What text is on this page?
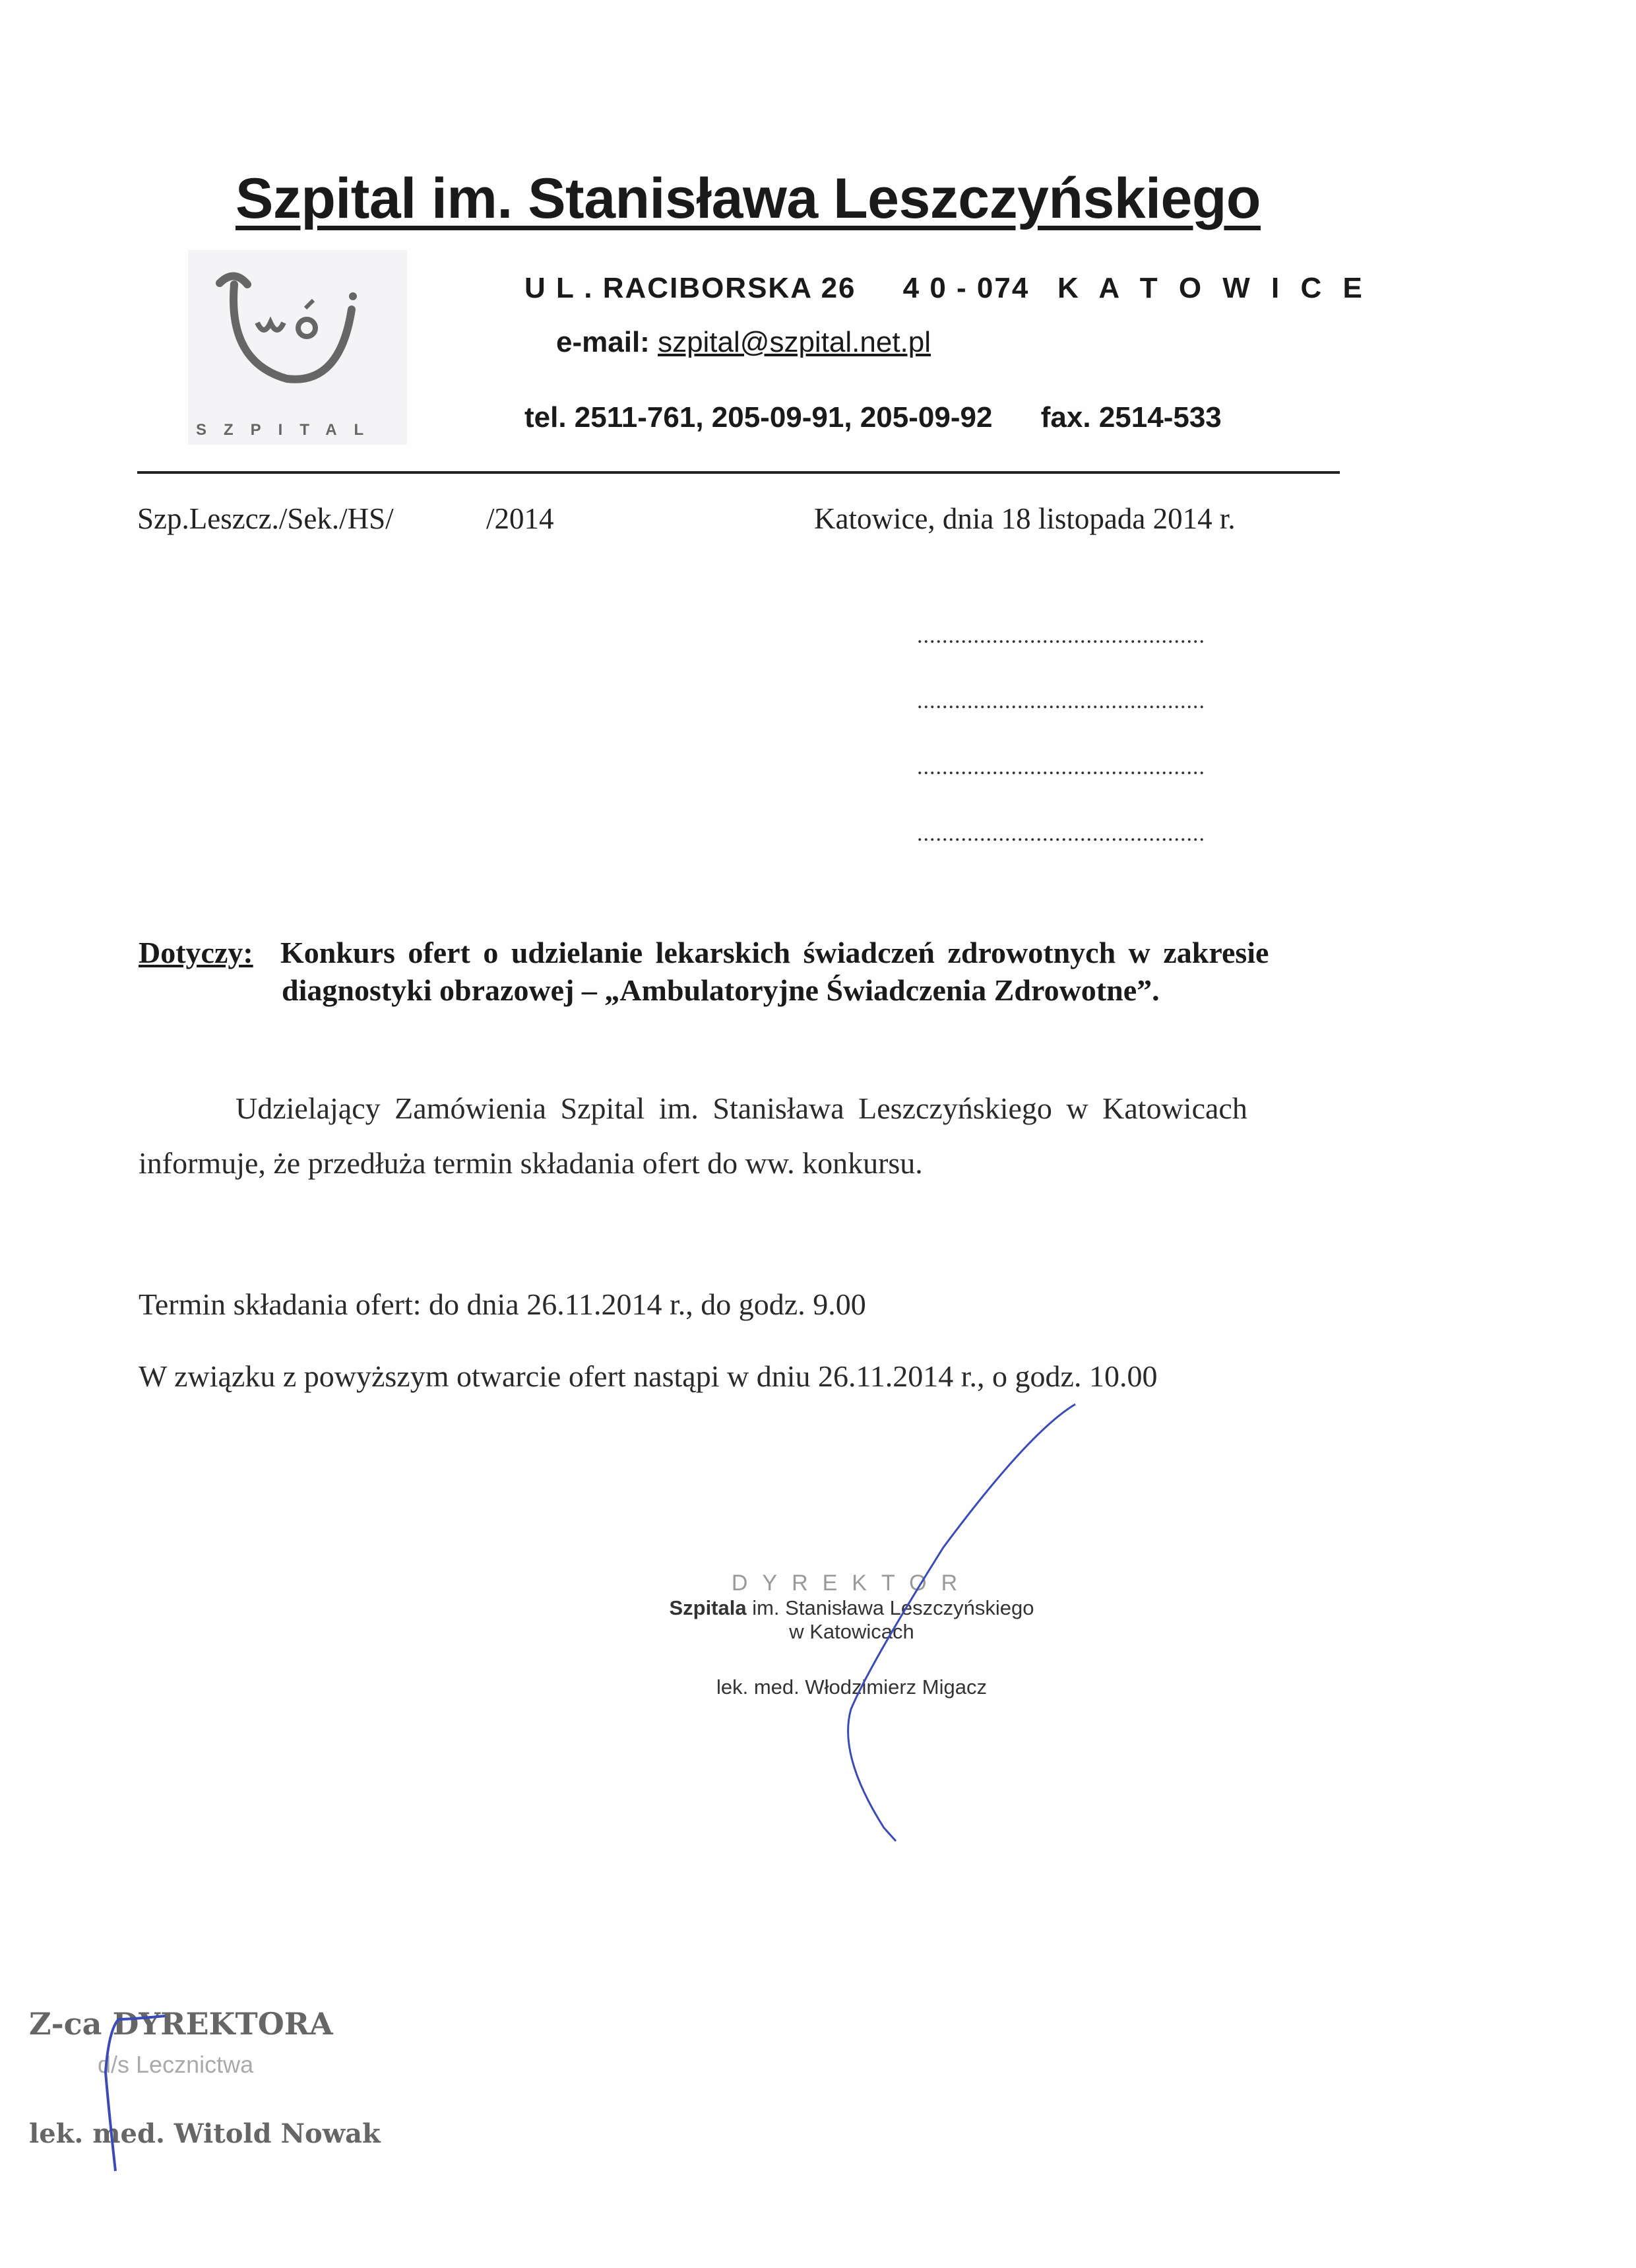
Szpital im. Stanisława Leszczyńskiego
SZPITAL
U L . RACIBORSKA 26 4 0 - 074 K A T O W I C E
e-mail: szpital@szpital.net.pl
tel. 2511-761, 205-09-91, 205-09-92 fax. 2514-533
Szp.Leszcz./Sek./HS/	/2014	Katowice, dnia 18 listopada 2014 r.
..............................................
..............................................
..............................................
..............................................
Dotyczy: Konkurs ofert o udzielanie lekarskich świadczeń zdrowotnych w zakresie
diagnostyki obrazowej – „Ambulatoryjne Świadczenia Zdrowotne”.
Udzielający Zamówienia Szpital im. Stanisława Leszczyńskiego w Katowicach
informuje, że przedłuża termin składania ofert do ww. konkursu.
Termin składania ofert: do dnia 26.11.2014 r., do godz. 9.00
W związku z powyższym otwarcie ofert nastąpi w dniu 26.11.2014 r., o godz. 10.00
DYREKTOR
Szpitala im. Stanisława Leszczyńskiego
w Katowicach
lek. med. Włodzimierz Migacz
Z-ca DYREKTORA
d/s Lecznictwa
lek. med. Witold Nowak
